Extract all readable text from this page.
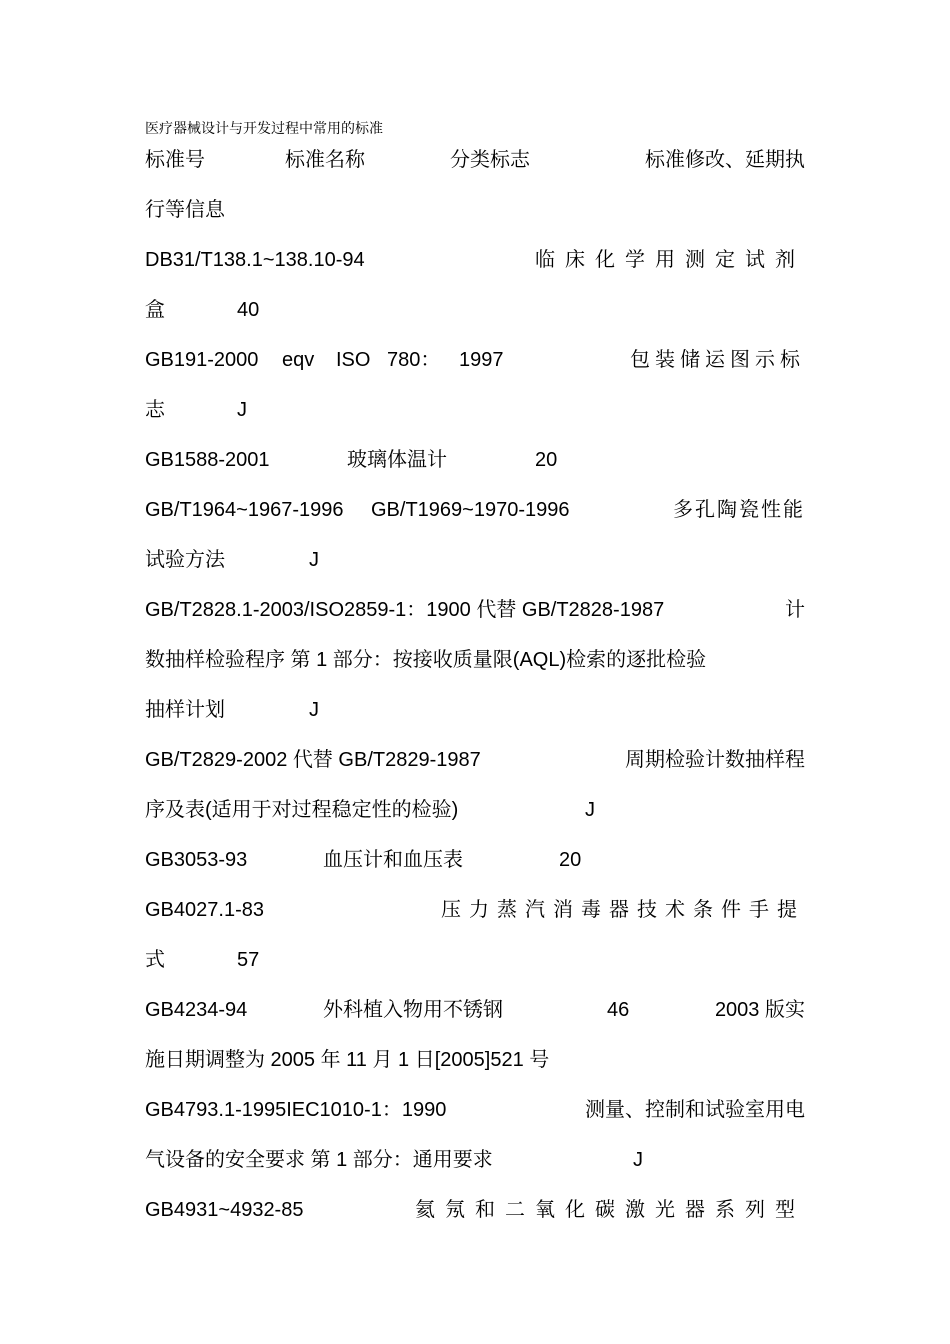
医疗器械设计与开发过程中常用的标准
标准号	标准名称	分类标志	标准修改、延期执
行等信息
DB31/T138.1~138.10-94	临床化学用测定试剂
盒	40
GB191-2000 eqv ISO 780： 1997	包装储运图示标
志	J
GB1588-2001	玻璃体温计	20
GB/T1964~1967-1996 GB/T1969~1970-1996	多孔陶瓷性能
试验方法	J
GB/T2828.1-2003/ISO2859-1：1900 代替 GB/T2828-1987	计
数抽样检验程序 第 1 部分：按接收质量限(AQL)检索的逐批检验
抽样计划	J
GB/T2829-2002 代替 GB/T2829-1987	周期检验计数抽样程
序及表(适用于对过程稳定性的检验)	J
GB3053-93	血压计和血压表	20
GB4027.1-83	压力蒸汽消毒器技术条件手提
式	57
GB4234-94	外科植入物用不锈钢	46	2003 版实
施日期调整为 2005 年 11 月 1 日[2005]521 号
GB4793.1-1995IEC1010-1：1990	测量、控制和试验室用电
气设备的安全要求 第 1 部分：通用要求	J
GB4931~4932-85	氦氖和二氧化碳激光器系列型
